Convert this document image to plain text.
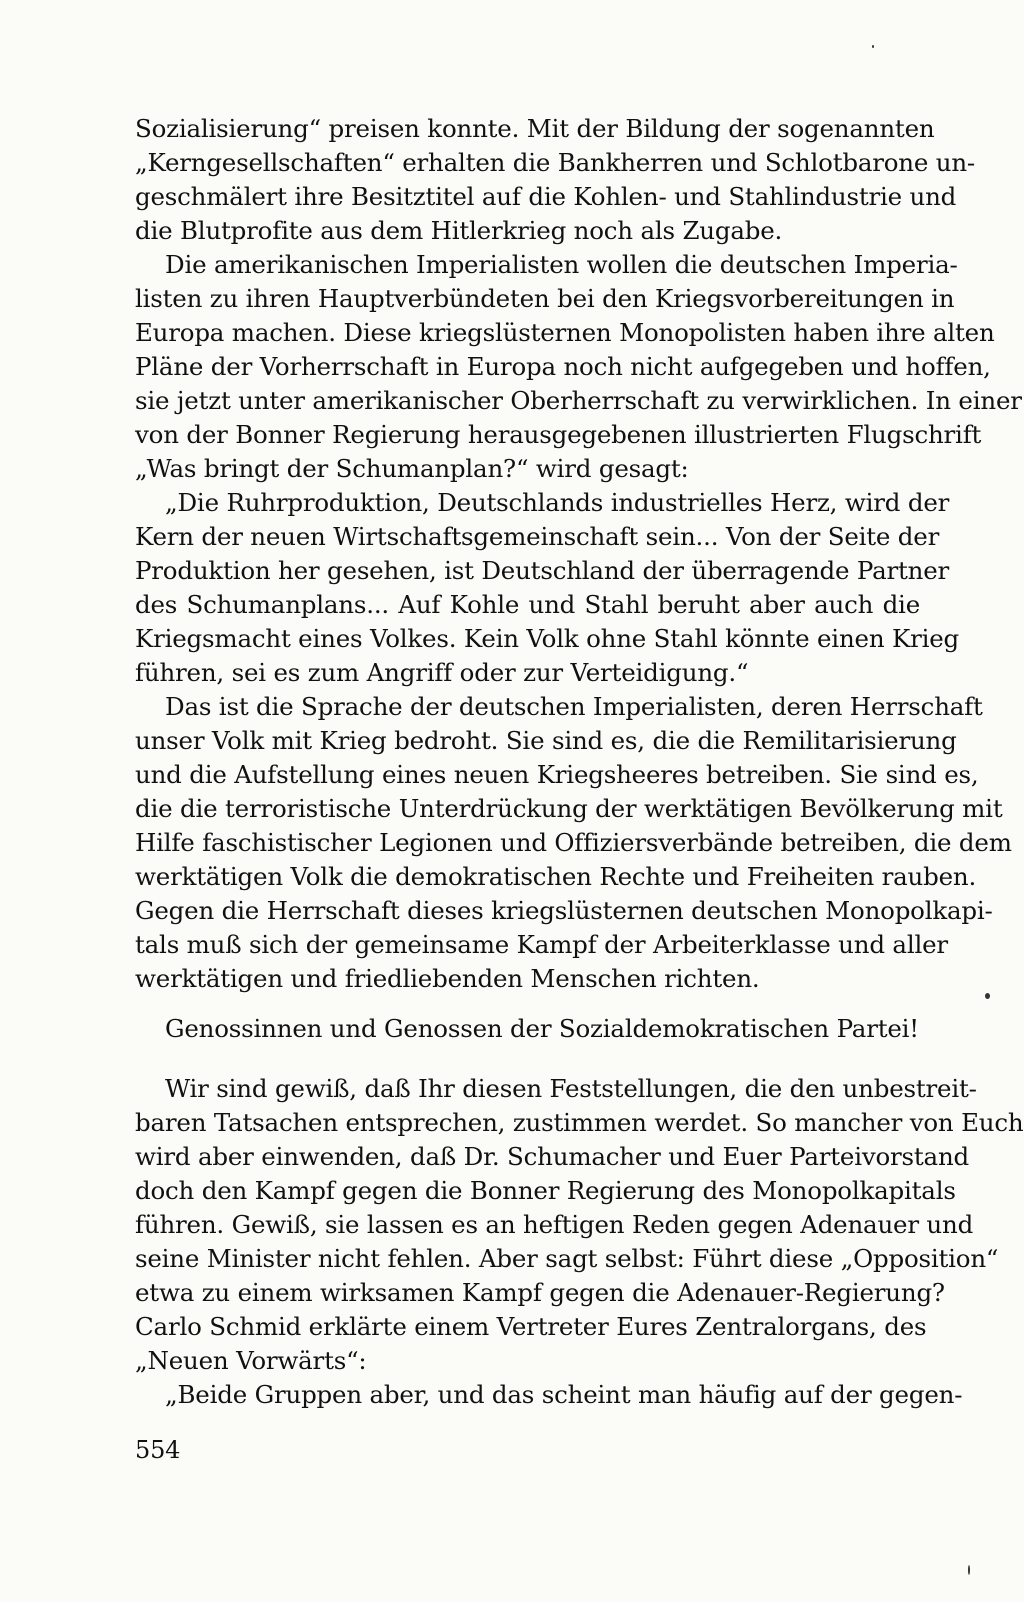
Sozialisierung“ preisen konnte. Mit der Bildung der sogenannten
„Kerngesellschaften“ erhalten die Bankherren und Schlotbarone un-
geschmälert ihre Besitztitel auf die Kohlen- und Stahlindustrie und
die Blutprofite aus dem Hitlerkrieg noch als Zugabe.
Die amerikanischen Imperialisten wollen die deutschen Imperia-
listen zu ihren Hauptverbündeten bei den Kriegsvorbereitungen in
Europa machen. Diese kriegslüsternen Monopolisten haben ihre alten
Pläne der Vorherrschaft in Europa noch nicht aufgegeben und hoffen,
sie jetzt unter amerikanischer Oberherrschaft zu verwirklichen. In einer
von der Bonner Regierung herausgegebenen illustrierten Flugschrift
„Was bringt der Schumanplan?“ wird gesagt:
„Die Ruhrproduktion, Deutschlands industrielles Herz, wird der
Kern der neuen Wirtschaftsgemeinschaft sein... Von der Seite der
Produktion her gesehen, ist Deutschland der überragende Partner
des Schumanplans... Auf Kohle und Stahl beruht aber auch die
Kriegsmacht eines Volkes. Kein Volk ohne Stahl könnte einen Krieg
führen, sei es zum Angriff oder zur Verteidigung.“
Das ist die Sprache der deutschen Imperialisten, deren Herrschaft
unser Volk mit Krieg bedroht. Sie sind es, die die Remilitarisierung
und die Aufstellung eines neuen Kriegsheeres betreiben. Sie sind es,
die die terroristische Unterdrückung der werktätigen Bevölkerung mit
Hilfe faschistischer Legionen und Offiziersverbände betreiben, die dem
werktätigen Volk die demokratischen Rechte und Freiheiten rauben.
Gegen die Herrschaft dieses kriegslüsternen deutschen Monopolkapi-
tals muß sich der gemeinsame Kampf der Arbeiterklasse und aller
werktätigen und friedliebenden Menschen richten.
Genossinnen und Genossen der Sozialdemokratischen Partei!
Wir sind gewiß, daß Ihr diesen Feststellungen, die den unbestreit-
baren Tatsachen entsprechen, zustimmen werdet. So mancher von Euch
wird aber einwenden, daß Dr. Schumacher und Euer Parteivorstand
doch den Kampf gegen die Bonner Regierung des Monopolkapitals
führen. Gewiß, sie lassen es an heftigen Reden gegen Adenauer und
seine Minister nicht fehlen. Aber sagt selbst: Führt diese „Opposition“
etwa zu einem wirksamen Kampf gegen die Adenauer-Regierung?
Carlo Schmid erklärte einem Vertreter Eures Zentralorgans, des
„Neuen Vorwärts“:
„Beide Gruppen aber, und das scheint man häufig auf der gegen-
554
